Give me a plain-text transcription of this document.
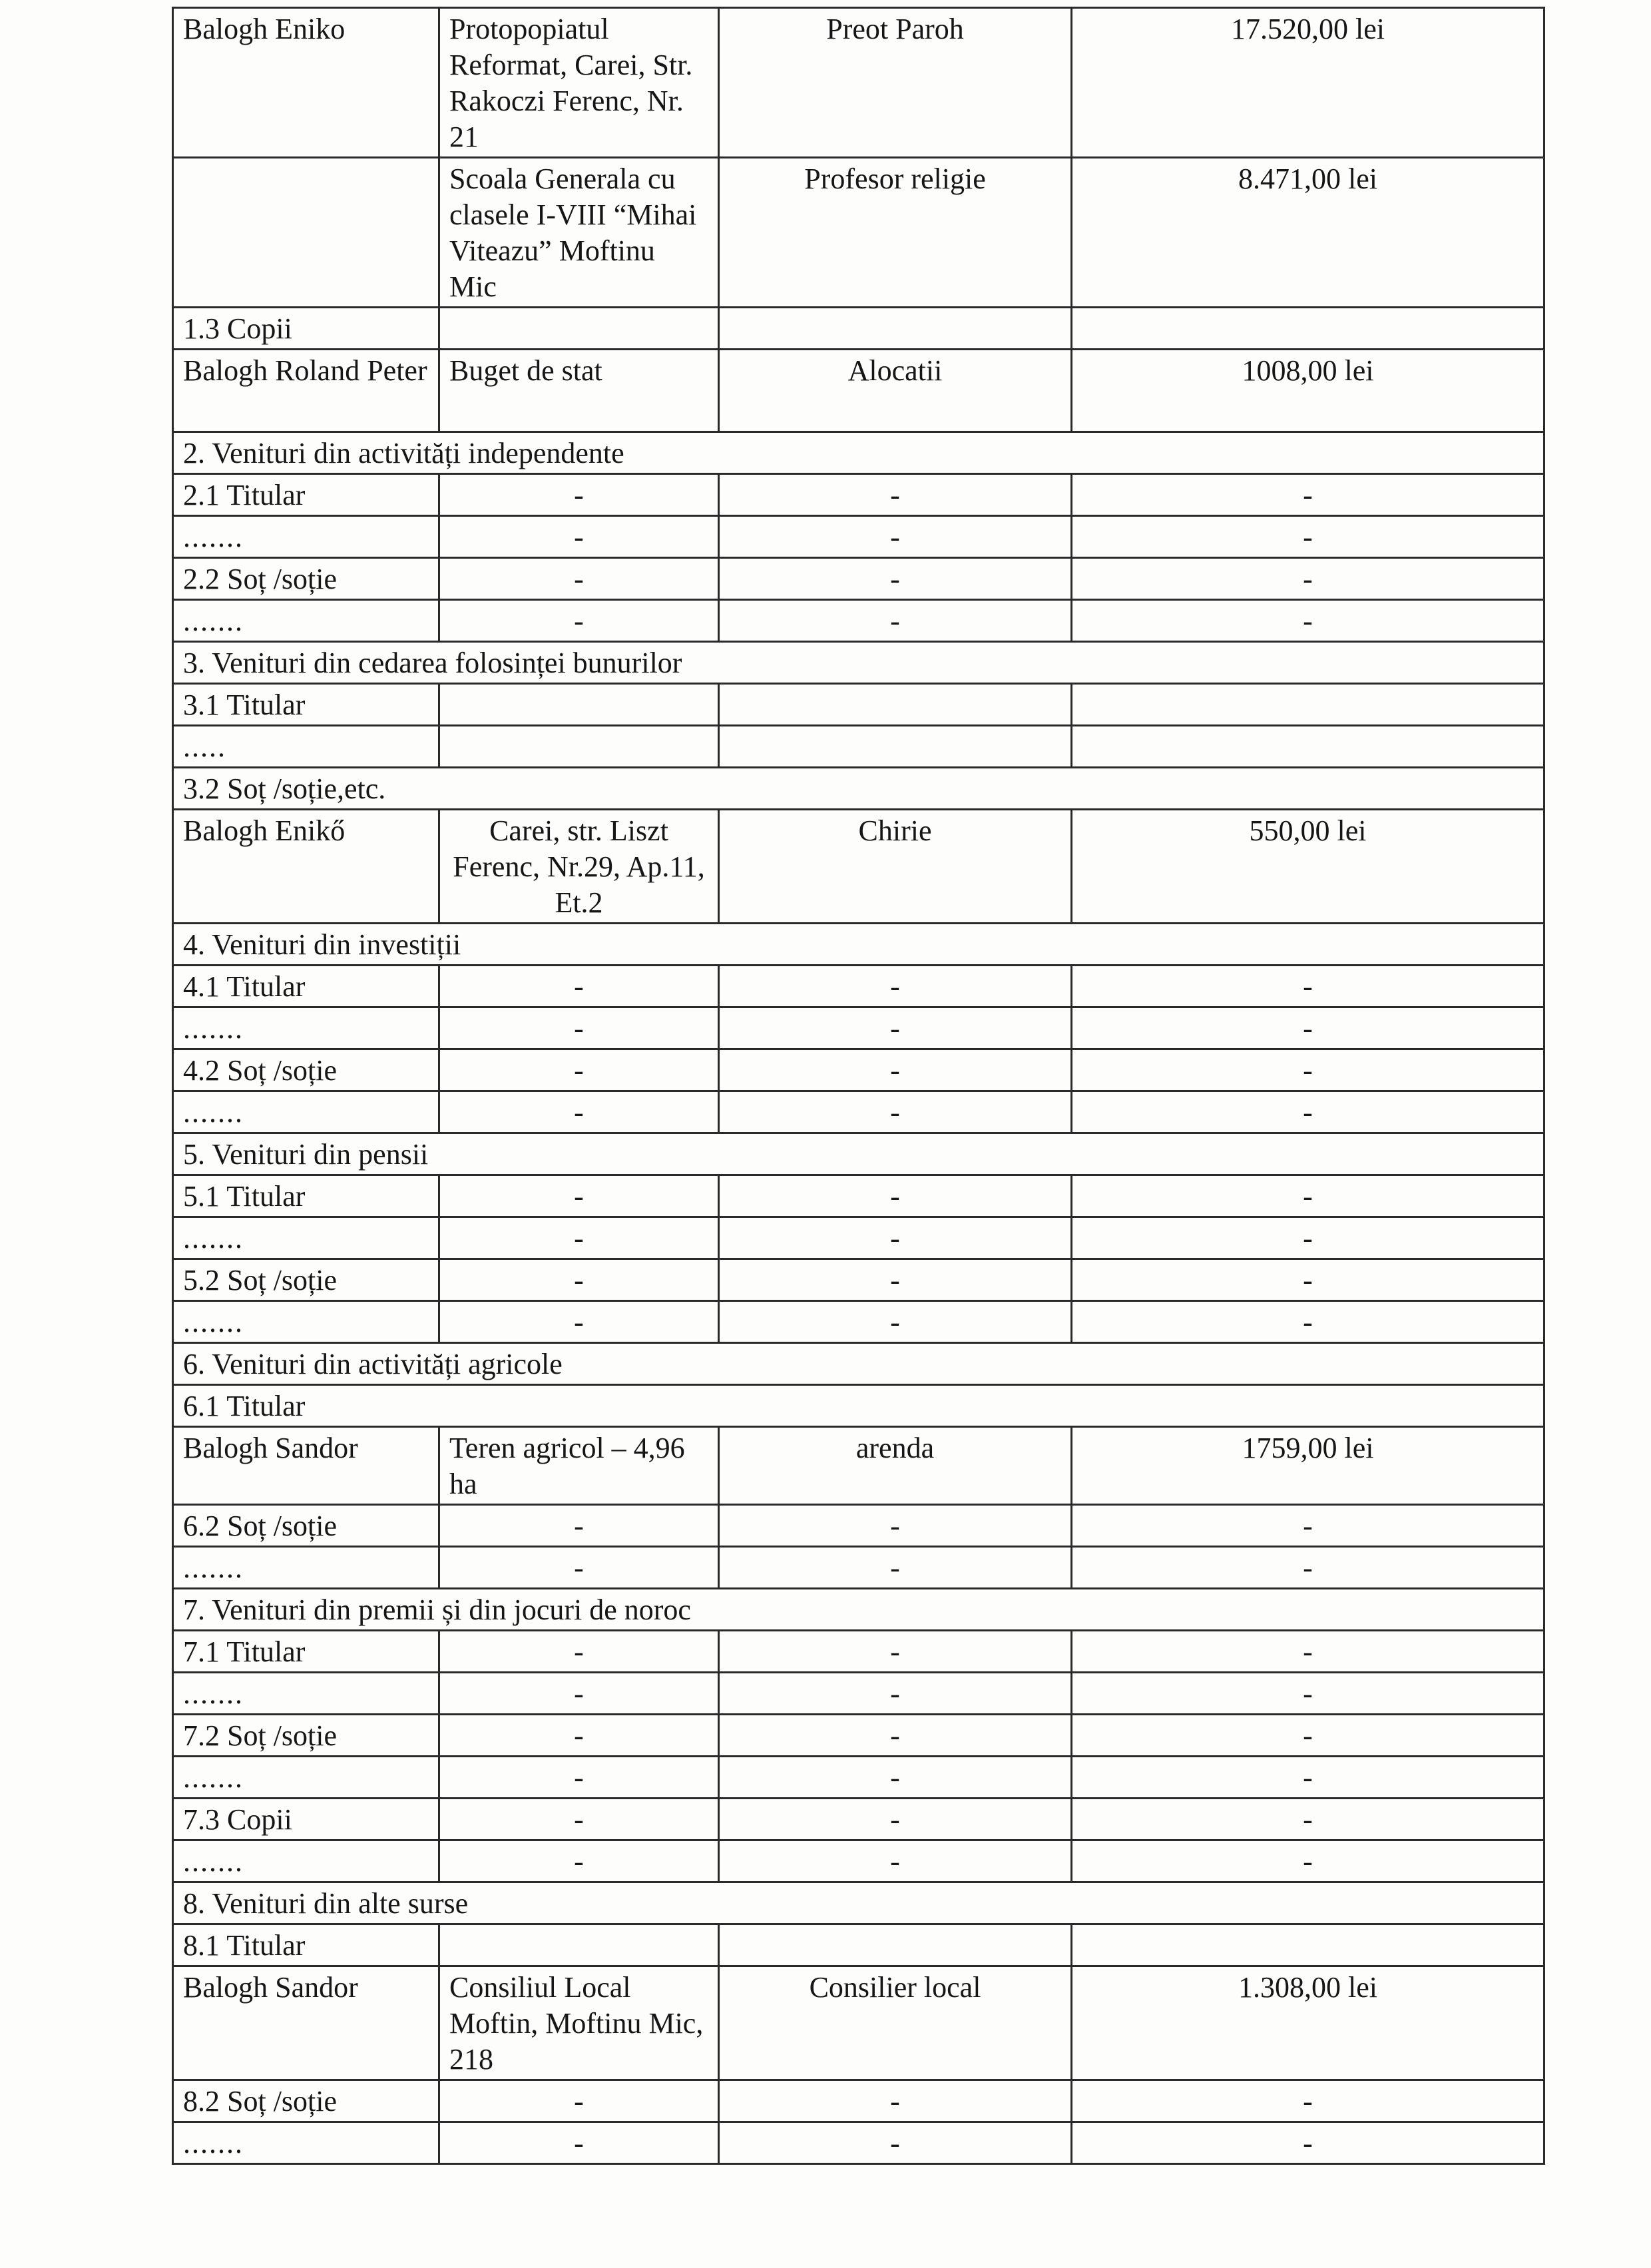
Balogh Eniko	Protopopiatul Reformat, Carei, Str. Rakoczi Ferenc, Nr. 21	Preot Paroh	17.520,00 lei
	Scoala Generala cu clasele I-VIII “Mihai Viteazu” Moftinu Mic	Profesor religie	8.471,00 lei
1.3 Copii			
Balogh Roland Peter	Buget de stat	Alocatii	1008,00 lei
2. Venituri din activități independente			
2.1 Titular	-	-	-
.......	-	-	-
2.2 Soț /soție	-	-	-
.......	-	-	-
3. Venituri din cedarea folosinței bunurilor			
3.1 Titular			
.....			
3.2 Soț /soție,etc.			
Balogh Enikő	Carei, str. Liszt Ferenc, Nr.29, Ap.11, Et.2	Chirie	550,00 lei
4. Venituri din investiții			
4.1 Titular	-	-	-
.......	-	-	-
4.2 Soț /soție	-	-	-
.......	-	-	-
5. Venituri din pensii			
5.1 Titular	-	-	-
.......	-	-	-
5.2 Soț /soție	-	-	-
.......	-	-	-
6. Venituri din activități agricole			
6.1 Titular			
Balogh Sandor	Teren agricol – 4,96 ha	arenda	1759,00 lei
6.2 Soț /soție	-	-	-
.......	-	-	-
7. Venituri din premii și din jocuri de noroc			
7.1 Titular	-	-	-
.......	-	-	-
7.2 Soț /soție	-	-	-
.......	-	-	-
7.3 Copii	-	-	-
.......	-	-	-
8. Venituri din alte surse			
8.1 Titular			
Balogh Sandor	Consiliul Local Moftin, Moftinu Mic, 218	Consilier local	1.308,00 lei
8.2 Soț /soție	-	-	-
.......	-	-	-
